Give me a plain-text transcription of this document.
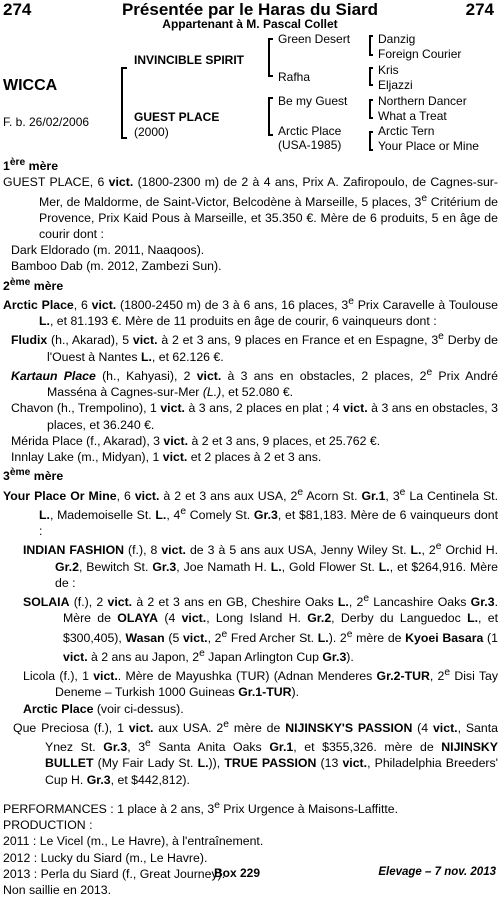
274	Présentée par le Haras du Siard	274
Appartenant à M. Pascal Collet
WICCA
F. b. 26/02/2006
INVINCIBLE SPIRIT
GUEST PLACE
(2000)
Green Desert
Rafha
Be my Guest
Arctic Place
(USA-1985)
Danzig
Foreign Courier
Kris
Eljazzi
Northern Dancer
What a Treat
Arctic Tern
Your Place or Mine

1ère mère

GUEST PLACE, 6 vict. (1800-2300 m) de 2 à 4 ans, Prix A. Zafiropoulo, de Cagnes-sur-Mer, de Maldorme, de Saint-Victor, Belcodène à Marseille, 5 places, 3e Critérium de Provence, Prix Kaid Pous à Marseille, et 35.350 €. Mère de 6 produits, 5 en âge de courir dont :

Dark Eldorado (m. 2011, Naaqoos).

Bamboo Dab (m. 2012, Zambezi Sun).

2ème mère

Arctic Place, 6 vict. (1800-2450 m) de 3 à 6 ans, 16 places, 3e Prix Caravelle à Toulouse L., et 81.193 €. Mère de 11 produits en âge de courir, 6 vainqueurs dont :

Fludix (h., Akarad), 5 vict. à 2 et 3 ans, 9 places en France et en Espagne, 3e Derby de l'Ouest à Nantes L., et 62.126 €.

Kartaun Place (h., Kahyasi), 2 vict. à 3 ans en obstacles, 2 places, 2e Prix André Masséna à Cagnes-sur-Mer (L.), et 52.080 €.

Chavon (h., Trempolino), 1 vict. à 3 ans, 2 places en plat ; 4 vict. à 3 ans en obstacles, 3 places, et 36.240 €.

Mérida Place (f., Akarad), 3 vict. à 2 et 3 ans, 9 places, et 25.762 €.

Innlay Lake (m., Midyan), 1 vict. et 2 places à 2 et 3 ans.

3ème mère

Your Place Or Mine, 6 vict. à 2 et 3 ans aux USA, 2e Acorn St. Gr.1, 3e La Centinela St. L., Mademoiselle St. L., 4e Comely St. Gr.3, et $81,183. Mère de 6 vainqueurs dont :

INDIAN FASHION (f.), 8 vict. de 3 à 5 ans aux USA, Jenny Wiley St. L., 2e Orchid H. Gr.2, Bewitch St. Gr.3, Joe Namath H. L., Gold Flower St. L., et $264,916. Mère de :

SOLAIA (f.), 2 vict. à 2 et 3 ans en GB, Cheshire Oaks L., 2e Lancashire Oaks Gr.3. Mère de OLAYA (4 vict., Long Island H. Gr.2, Derby du Languedoc L., et $300,405), Wasan (5 vict., 2e Fred Archer St. L.). 2e mère de Kyoei Basara (1 vict. à 2 ans au Japon, 2e Japan Arlington Cup Gr.3).

Licola (f.), 1 vict.. Mère de Mayushka (TUR) (Adnan Menderes Gr.2-TUR, 2e Disi Tay Deneme – Turkish 1000 Guineas Gr.1-TUR).

Arctic Place (voir ci-dessus).

Que Preciosa (f.), 1 vict. aux USA. 2e mère de NIJINSKY'S PASSION (4 vict., Santa Ynez St. Gr.3, 3e Santa Anita Oaks Gr.1, et $355,326. mère de NIJINSKY BULLET (My Fair Lady St. L.)), TRUE PASSION (13 vict., Philadelphia Breeders' Cup H. Gr.3, et $442,812).

PERFORMANCES : 1 place à 2 ans, 3e Prix Urgence à Maisons-Laffitte.

PRODUCTION :

2011 : Le Vicel (m., Le Havre), à l'entraînement.

2012 : Lucky du Siard (m., Le Havre).

2013 : Perla du Siard (f., Great Journey).

Non saillie en 2013.

Box 229	Elevage – 7 nov. 2013
